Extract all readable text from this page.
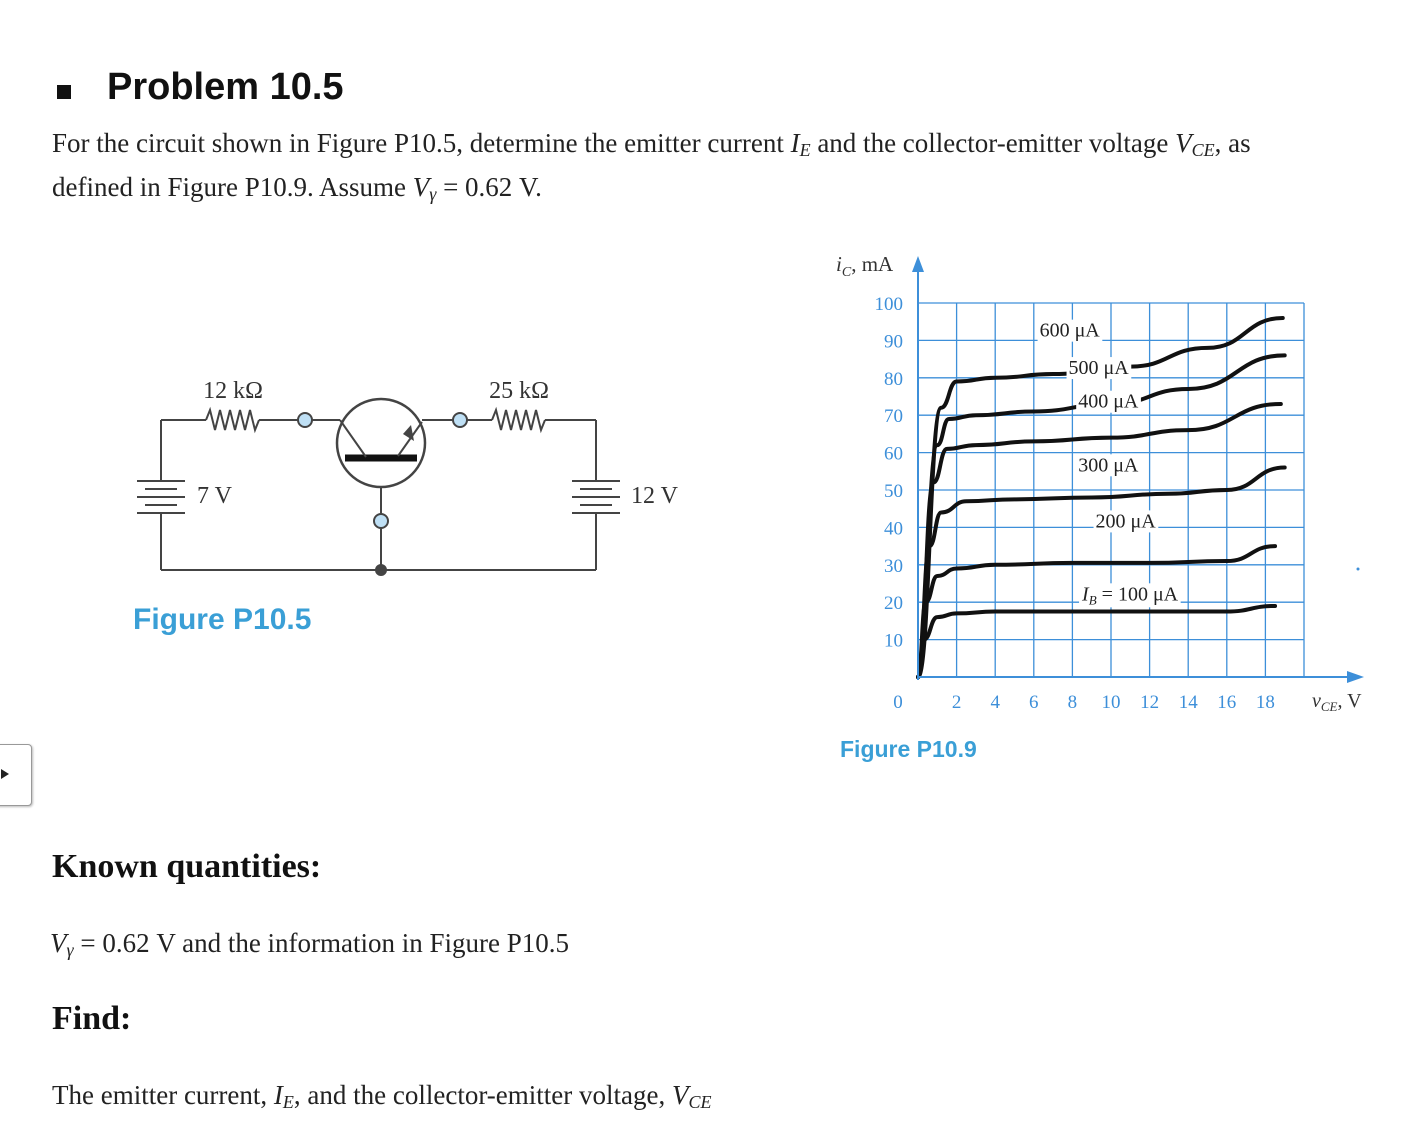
Problem 10.5

For the circuit shown in Figure P10.5, determine the emitter current $I_E$ and the collector-emitter voltage $V_{CE}$, as

defined in Figure P10.9. Assume $V_\gamma = 0.62$ V.

12 kΩ	25 kΩ
7 V	12 V
Figure P10.5
100
90
80
70
60
50
40
30
20
10
0	2 4 6 8 10 12 14 16 18
$I_B = 100$ μA
200 μA
300 μA
400 μA
500 μA
600 μA
$i_C$, mA
$v_{CE}$, V
Figure P10.9
Known quantities:

$V_\gamma = 0.62$ V and the information in Figure P10.5

Find:

The emitter current, $I_E$, and the collector-emitter voltage, $V_{CE}$
